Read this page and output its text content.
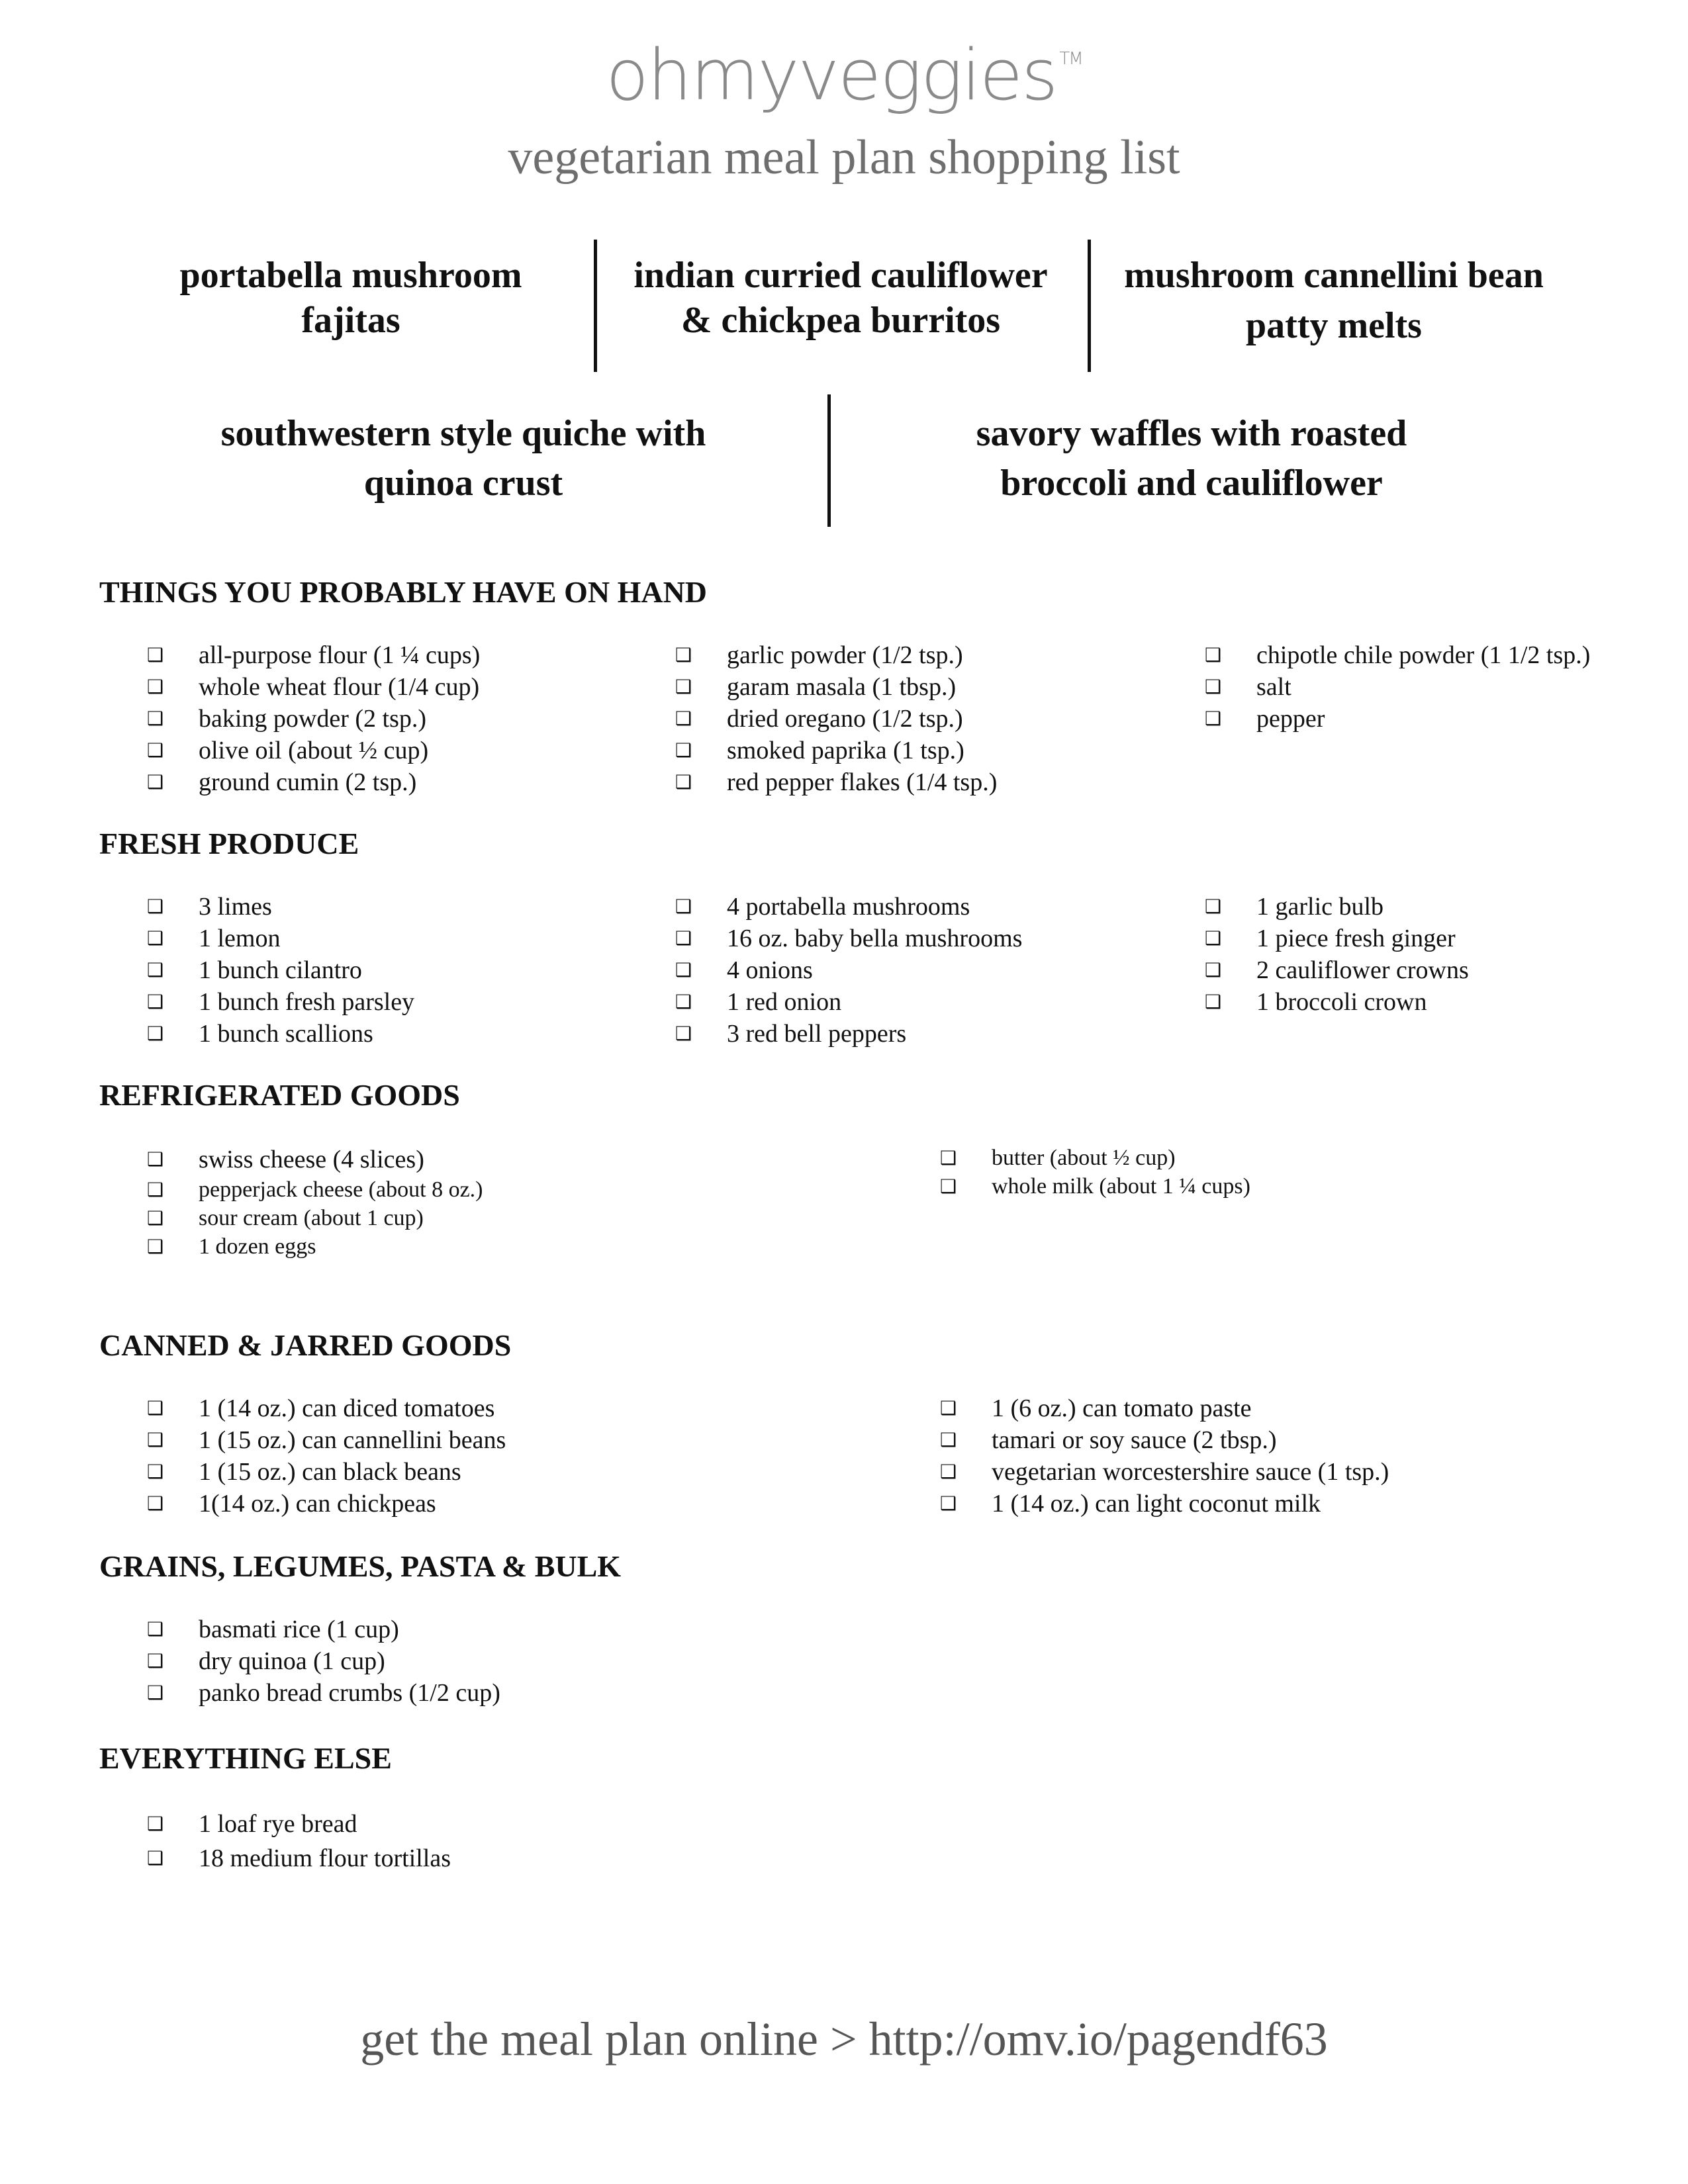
ohmyveggies ™
vegetarian meal plan shopping list
portabella mushroom
fajitas
indian curried cauliflower
& chickpea burritos
mushroom cannellini bean
patty melts
southwestern style quiche with
quinoa crust
savory waffles with roasted
broccoli and cauliflower
THINGS YOU PROBABLY HAVE ON HAND
❑	all-purpose flour (1 ¼ cups)
❑	whole wheat flour (1/4 cup)
❑	baking powder (2 tsp.)
❑	olive oil (about ½ cup)
❑	ground cumin (2 tsp.)
❑	garlic powder (1/2 tsp.)
❑	garam masala (1 tbsp.)
❑	dried oregano (1/2 tsp.)
❑	smoked paprika (1 tsp.)
❑	red pepper flakes (1/4 tsp.)
❑	chipotle chile powder (1 1/2 tsp.)
❑	salt
❑	pepper
FRESH PRODUCE
❑	3 limes
❑	1 lemon
❑	1 bunch cilantro
❑	1 bunch fresh parsley
❑	1 bunch scallions
❑	4 portabella mushrooms
❑	16 oz. baby bella mushrooms
❑	4 onions
❑	1 red onion
❑	3 red bell peppers
❑	1 garlic bulb
❑	1 piece fresh ginger
❑	2 cauliflower crowns
❑	1 broccoli crown
REFRIGERATED GOODS
❑	swiss cheese (4 slices)
❑	pepperjack cheese (about 8 oz.)
❑	sour cream (about 1 cup)
❑	1 dozen eggs
❑	butter (about ½ cup)
❑	whole milk (about 1 ¼ cups)
CANNED & JARRED GOODS
❑	1 (14 oz.) can diced tomatoes
❑	1 (15 oz.) can cannellini beans
❑	1 (15 oz.) can black beans
❑	1(14 oz.) can chickpeas
❑	1 (6 oz.) can tomato paste
❑	tamari or soy sauce (2 tbsp.)
❑	vegetarian worcestershire sauce (1 tsp.)
❑	1 (14 oz.) can light coconut milk
GRAINS, LEGUMES, PASTA & BULK
❑	basmati rice (1 cup)
❑	dry quinoa (1 cup)
❑	panko bread crumbs (1/2 cup)
EVERYTHING ELSE
❑	1 loaf rye bread
❑	18 medium flour tortillas
get the meal plan online > http://omv.io/pagendf63
